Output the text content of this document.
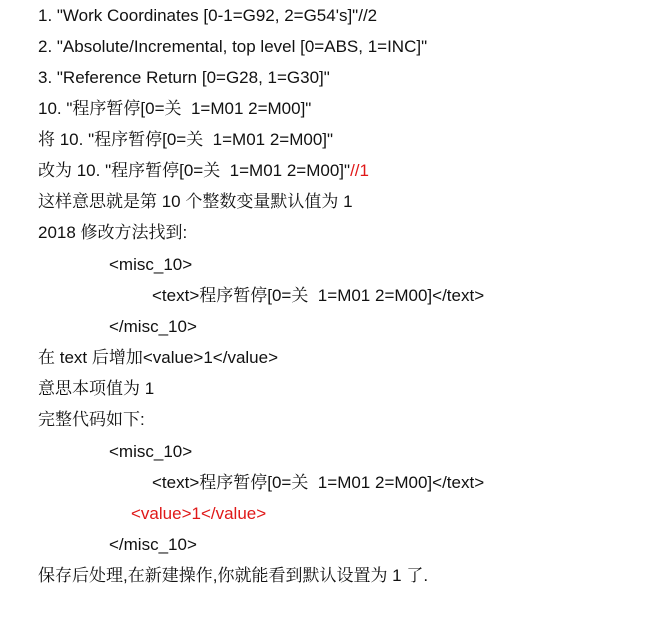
1. "Work Coordinates [0-1=G92, 2=G54's]"//2
2. "Absolute/Incremental, top level [0=ABS, 1=INC]"
3. "Reference Return [0=G28, 1=G30]"
10. "程序暂停[0=关  1=M01 2=M00]"
将 10. "程序暂停[0=关  1=M01 2=M00]"
改为 10. "程序暂停[0=关  1=M01 2=M00]"//1
这样意思就是第 10 个整数变量默认值为 1
2018 修改方法找到:
<misc_10>
<text>程序暂停[0=关  1=M01 2=M00]</text>
</misc_10>
在 text 后增加<value>1</value>
意思本项值为 1
完整代码如下:
<misc_10>
<text>程序暂停[0=关  1=M01 2=M00]</text>
<value>1</value>
</misc_10>
保存后处理,在新建操作,你就能看到默认设置为 1 了.
